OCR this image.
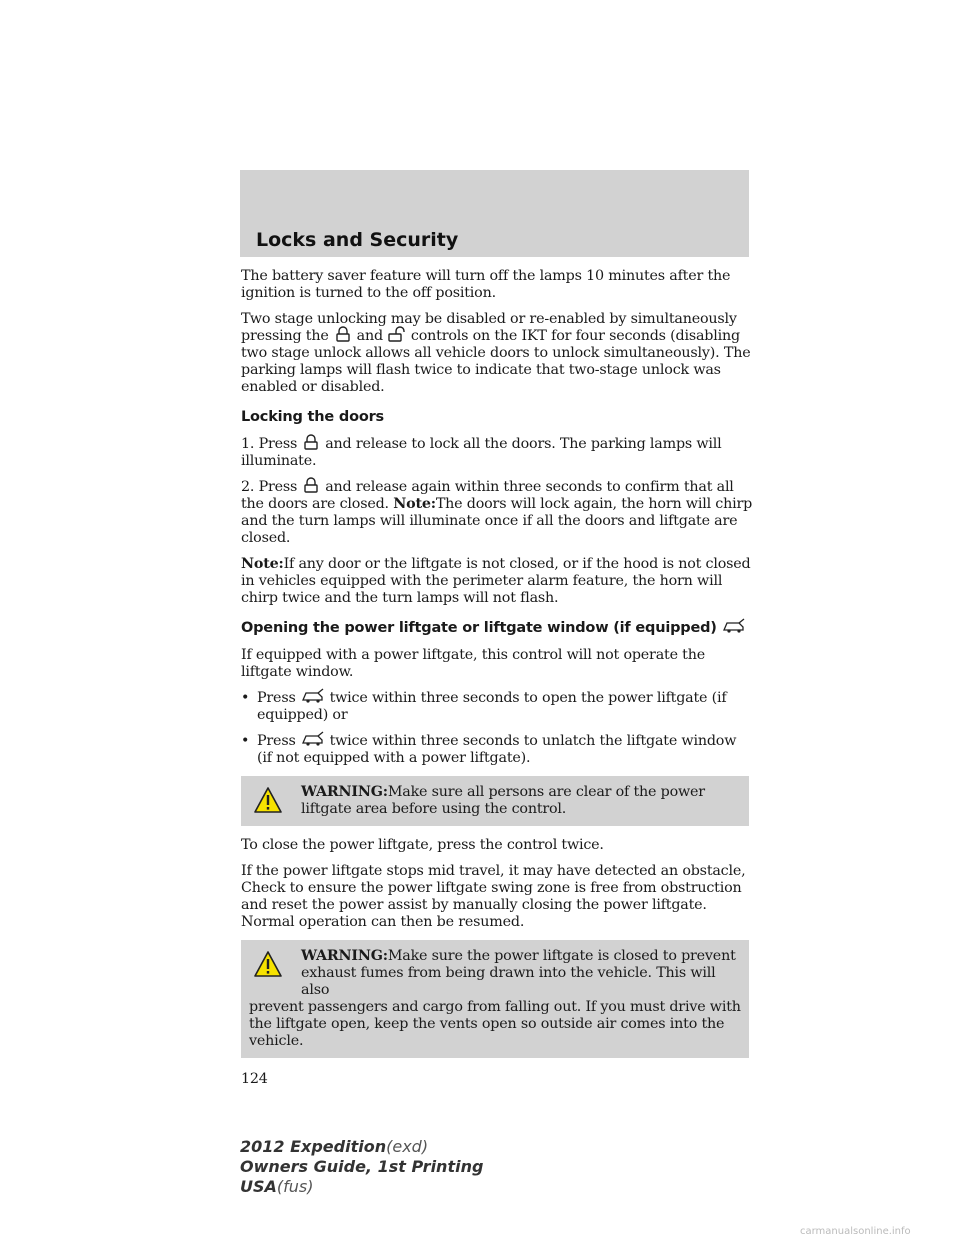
Locks and Security

The battery saver feature will turn off the lamps 10 minutes after the ignition is turned to the off position.

Two stage unlocking may be disabled or re-enabled by simultaneously pressing the and controls on the IKT for four seconds (disabling two stage unlock allows all vehicle doors to unlock simultaneously). The parking lamps will flash twice to indicate that two-stage unlock was enabled or disabled.

Locking the doors

1. Press and release to lock all the doors. The parking lamps will illuminate.

2. Press and release again within three seconds to confirm that all the doors are closed. Note:The doors will lock again, the horn will chirp and the turn lamps will illuminate once if all the doors and liftgate are closed.

Note:If any door or the liftgate is not closed, or if the hood is not closed in vehicles equipped with the perimeter alarm feature, the horn will chirp twice and the turn lamps will not flash.

Opening the power liftgate or liftgate window (if equipped)

If equipped with a power liftgate, this control will not operate the liftgate window.

• Press twice within three seconds to open the power liftgate (if equipped) or
• Press twice within three seconds to unlatch the liftgate window (if not equipped with a power liftgate).
WARNING:Make sure all persons are clear of the power liftgate area before using the control.

To close the power liftgate, press the control twice.

If the power liftgate stops mid travel, it may have detected an obstacle, Check to ensure the power liftgate swing zone is free from obstruction and reset the power assist by manually closing the power liftgate. Normal operation can then be resumed.

WARNING:Make sure the power liftgate is closed to prevent exhaust fumes from being drawn into the vehicle. This will also
prevent passengers and cargo from falling out. If you must drive with the liftgate open, keep the vents open so outside air comes into the vehicle.
124
2012 Expedition(exd)
Owners Guide, 1st Printing
USA(fus)
carmanualsonline.info
